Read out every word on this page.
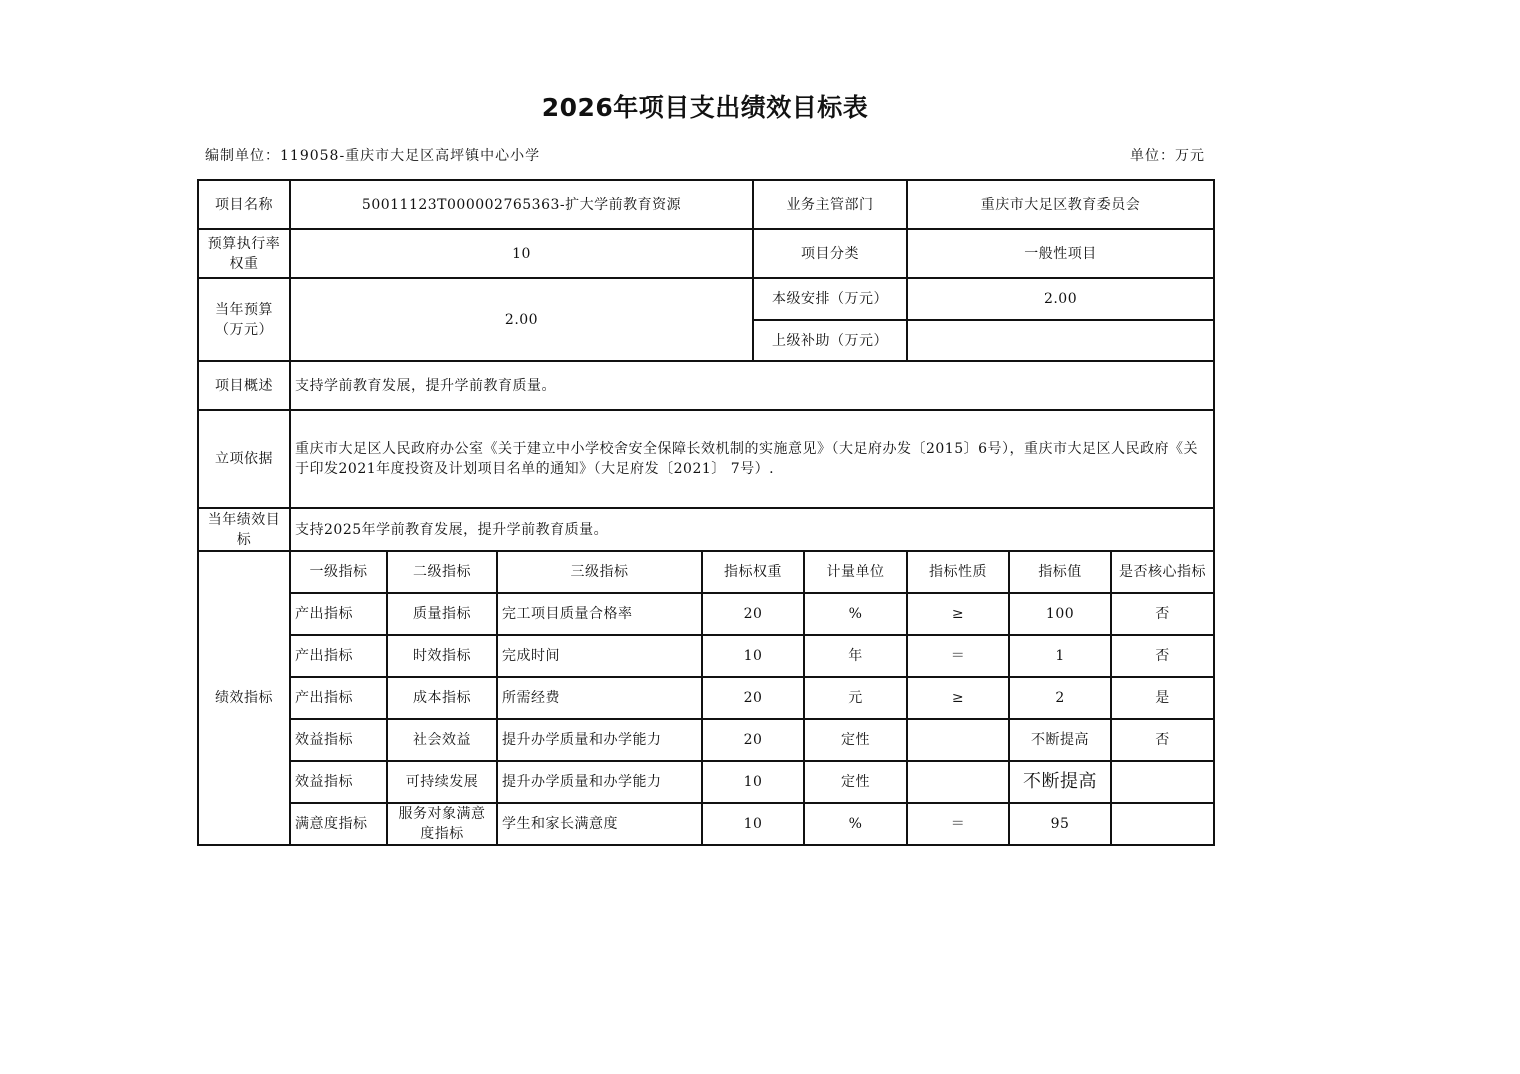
2026年项目支出绩效目标表
编制单位：119058-重庆市大足区高坪镇中心小学	单位：万元
项目名称	50011123T000002765363-扩大学前教育资源				业务主管部门		重庆市大足区教育委员会		
预算执行率权重	10				项目分类		一般性项目		
当年预算（万元）	2.00				本级安排（万元）		2.00		
					上级补助（万元）				
项目概述	支持学前教育发展，提升学前教育质量。								
立项依据	重庆市大足区人民政府办公室《关于建立中小学校舍安全保障长效机制的实施意见》（大足府办发〔2015〕6号），重庆市大足区人民政府《关于印发2021年度投资及计划项目名单的通知》（大足府发〔2021〕 7号）.								
当年绩效目标	支持2025年学前教育发展，提升学前教育质量。								
绩效指标	一级指标	二级指标	三级指标	指标权重		计量单位	指标性质	指标值	是否核心指标
	产出指标	质量指标	完工项目质量合格率	20		%	≥	100	否
	产出指标	时效指标	完成时间	10		年	＝	1	否
	产出指标	成本指标	所需经费	20		元	≥	2	是
	效益指标	社会效益	提升办学质量和办学能力	20		定性		不断提高	否
	效益指标	可持续发展	提升办学质量和办学能力	10		定性		不断提高	
	满意度指标	服务对象满意度指标	学生和家长满意度	10		%	＝	95	
